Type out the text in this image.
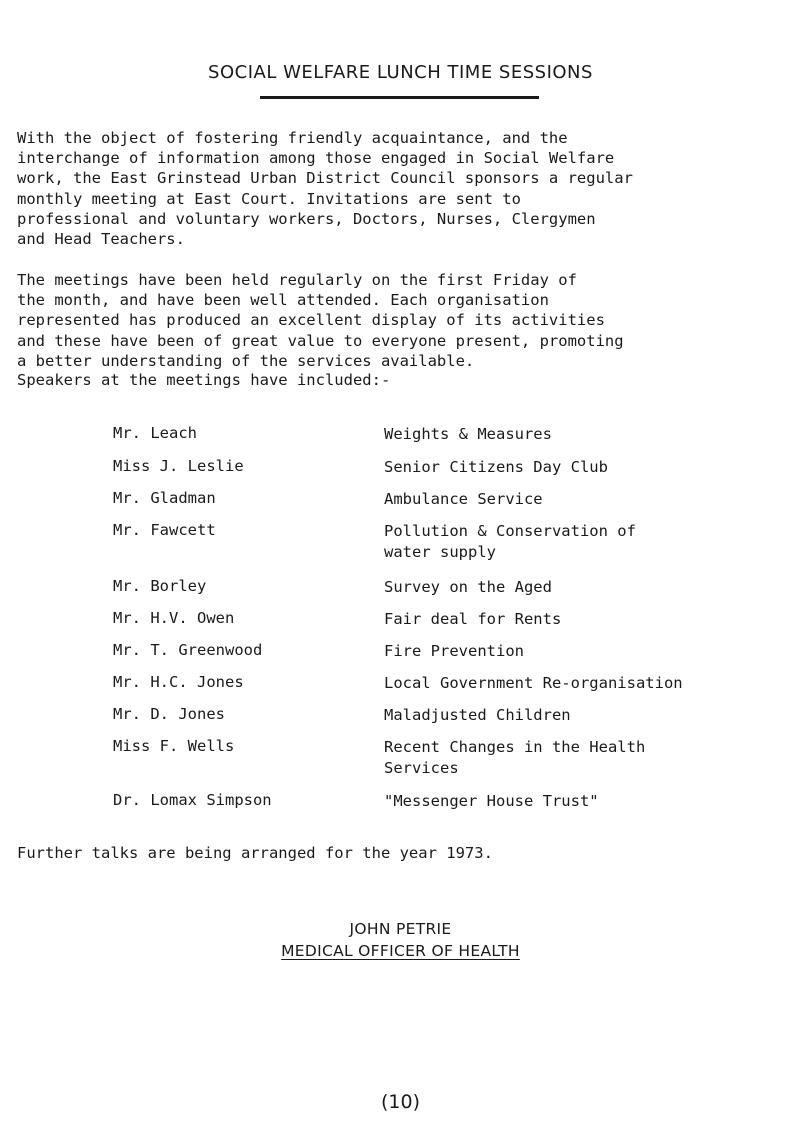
SOCIAL WELFARE LUNCH TIME SESSIONS
With the object of fostering friendly acquaintance, and the
interchange of information among those engaged in Social Welfare
work, the East Grinstead Urban District Council sponsors a regular
monthly meeting at East Court. Invitations are sent to
professional and voluntary workers, Doctors, Nurses, Clergymen
and Head Teachers.
The meetings have been held regularly on the first Friday of
the month, and have been well attended. Each organisation
represented has produced an excellent display of its activities
and these have been of great value to everyone present, promoting
a better understanding of the services available.
Speakers at the meetings have included:-
Mr. Leach	Weights & Measures
Miss J. Leslie	Senior Citizens Day Club
Mr. Gladman	Ambulance Service
Mr. Fawcett	Pollution & Conservation of
water supply
Mr. Borley	Survey on the Aged
Mr. H.V. Owen	Fair deal for Rents
Mr. T. Greenwood	Fire Prevention
Mr. H.C. Jones	Local Government Re-organisation
Mr. D. Jones	Maladjusted Children
Miss F. Wells	Recent Changes in the Health
Services
Dr. Lomax Simpson	"Messenger House Trust"
Further talks are being arranged for the year 1973.
JOHN PETRIE
MEDICAL OFFICER OF HEALTH
(10)
